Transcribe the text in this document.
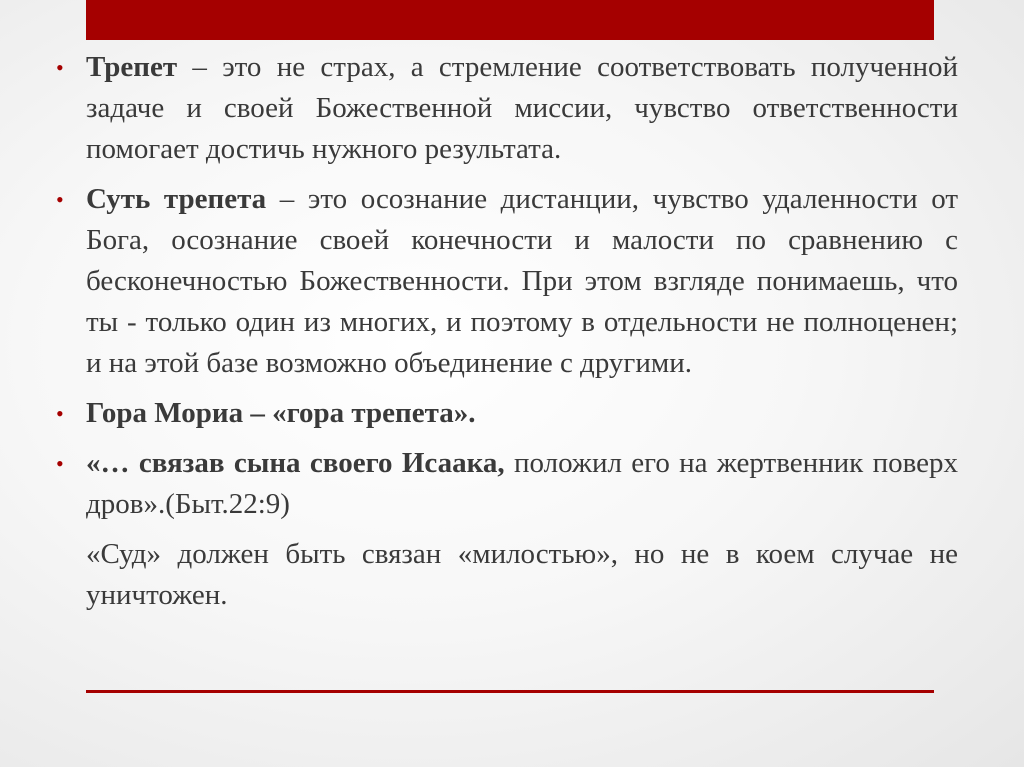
• Трепет – это не страх, а стремление соответствовать полученной задаче и своей Божественной миссии, чувство ответственности помогает достичь нужного результата.

• Суть трепета – это осознание дистанции, чувство удаленности от Бога, осознание своей конечности и малости по сравнению с бесконечностью Божественности. При этом взгляде понимаешь, что ты - только один из многих, и поэтому в отдельности не полноценен; и на этой базе возможно объединение с другими.

• Гора Мориа – «гора трепета».

• «… связав сына своего Исаака, положил его на жертвенник поверх дров».(Быт.22:9)

«Суд» должен быть связан «милостью», но не в коем случае не уничтожен.
